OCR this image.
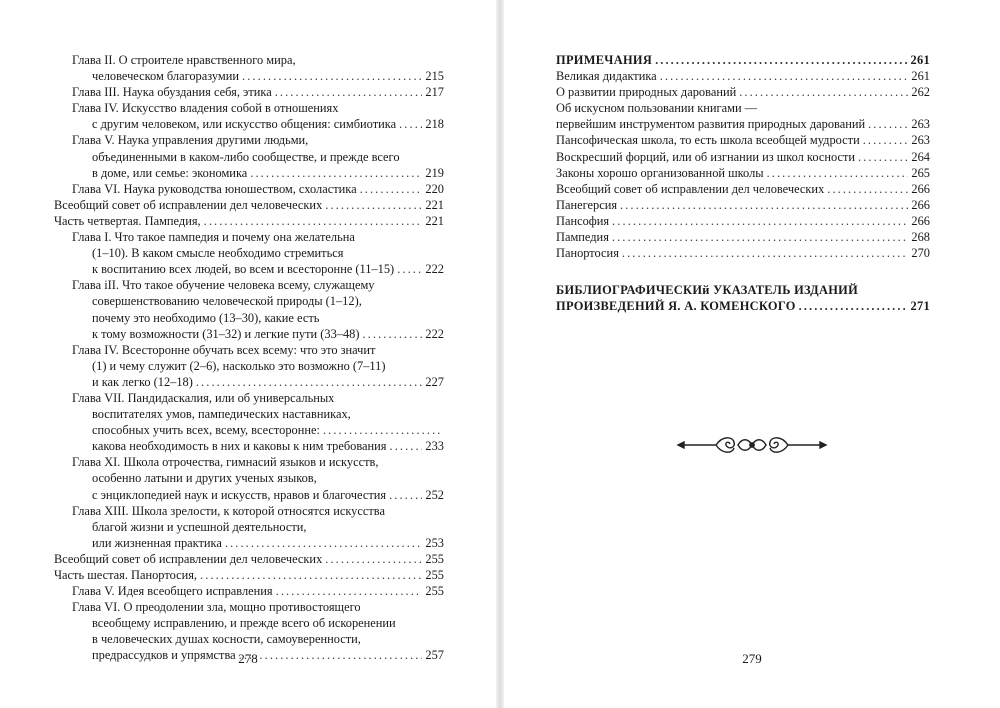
Глава II. О строителе нравственного мира,
человеческом благоразумии . . .	215
Глава III. Наука обуздания себя, этика . . .	217
Глава IV. Искусство владения собой в отношениях
с другим человеком, или искусство общения: симбиотика . . . 218
Глава V. Наука управления другими людьми,
объединенными в каком-либо сообществе, и прежде всего
в доме, или семье: экономика . . .	219
Глава VI. Наука руководства юношеством, схоластика . . .	220
Всеобщий совет об исправлении дел человеческих . . .	221
Часть четвертая. Пампедия, . . .	221
Глава I. Что такое пампедия и почему она желательна
(1–10). В каком смысле необходимо стремиться
к воспитанию всех людей, во всем и всесторонне (11–15) . . .	222
Глава iII. Что такое обучение человека всему, служащему
совершенствованию человеческой природы (1–12),
почему это необходимо (13–30), какие есть
к тому возможности (31–32) и легкие пути (33–48) . . .	222
Глава IV. Всесторонне обучать всех всему: что это значит
(1) и чему служит (2–6), насколько это возможно (7–11)
и как легко (12–18) . . .	227
Глава VII. Пандидаскалия, или об универсальных
воспитателях умов, пампедических наставниках,
способных учить всех, всему, всесторонне:
. . .
какова необходимость в них и каковы к ним требования . . .	233
Глава XI. Школа отрочества, гимнасий языков и искусств,
особенно латыни и других ученых языков,
с энциклопедией наук и искусств, нравов и благочестия . . .	252
Глава XIII. Школа зрелости, к которой относятся искусства
благой жизни и успешной деятельности,
или жизненная практика . . .	253
Всеобщий совет об исправлении дел человеческих . . .	255
Часть шестая. Панортосия, . . .	255
Глава V. Идея всеобщего исправления . . .	255
Глава VI. О преодолении зла, мощно противостоящего
всеобщему исправлению, и прежде всего об искоренении
в человеческих душах косности, самоуверенности,
предрассудков и упрямства . . .	257
278
ПРИМЕЧАНИЯ . . .	261
Великая дидактика . . .	261
О развитии природных дарований . . .	262
Об искусном пользовании книгами —
первейшим инструментом развития природных дарований . . .	263
Пансофическая школа, то есть школа всеобщей мудрости . . .	263
Воскресший форций, или об изгнании из школ косности . . .	264
Законы хорошо организованной школы . . .	265
Всеобщий совет об исправлении дел человеческих . . .	266
Панегерсия . . .	266
Пансофия . . .	266
Пампедия . . .	268
Панортосия . . .	270
БИБЛИОГРАФИЧЕСКИй УКАЗАТЕЛЬ ИЗДАНИЙ
ПРОИЗВЕДЕНИЙ Я. А. КОМЕНСКОГО . . .	271
279
